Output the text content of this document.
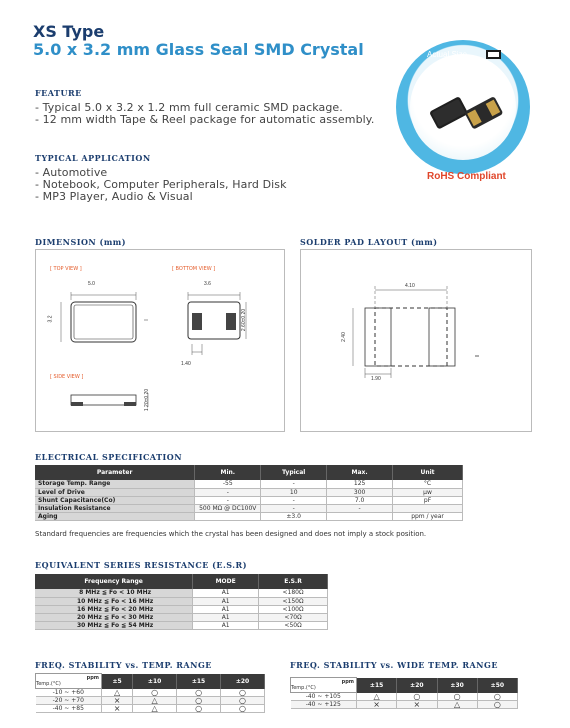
XS Type
5.0 x 3.2 mm Glass Seal SMD Crystal
FEATURE
- Typical 5.0 x 3.2 x 1.2 mm full ceramic SMD package.
- 12 mm width Tape & Reel package for automatic assembly.
TYPICAL APPLICATION
- Automotive
- Notebook, Computer Peripherals, Hard Disk
- MP3 Player, Audio & Visual
Actual Size
RoHS Compliant
DIMENSION (mm)
[ TOP VIEW ]	[ BOTTOM VIEW ]
[ SIDE VIEW ]
5.0
3.2
3.6
2.60±0.20
1.40
1.20±0.20
SOLDER PAD LAYOUT (mm)
4.10
2.40
1.90
ELECTRICAL SPECIFICATION
Parameter	Min.	Typical	Max.	Unit
Storage Temp. Range	-55	-	125	°C
Level of Drive	-	10	300	μw
Shunt Capacitance(Co)	-	-	7.0	pF
Insulation Resistance	500 MΩ @ DC100V	-	-	
Aging		±3.0		ppm / year
Standard frequencies are frequencies which the crystal has been designed and does not imply a stock position.
EQUIVALENT SERIES RESISTANCE (E.S.R)
Frequency Range	MODE	E.S.R
8 MHz ≦ Fo < 10 MHz	A1	<180Ω
10 MHz ≦ Fo < 16 MHz	A1	<150Ω
16 MHz ≦ Fo < 20 MHz	A1	<100Ω
20 MHz ≦ Fo < 30 MHz	A1	<70Ω
30 MHz ≦ Fo ≦ 54 MHz	A1	<50Ω
FREQ. STABILITY vs. TEMP. RANGE
ppm
Temp.(°C)	±5	±10	±15	±20
-10 ~ +60	△	○	○	○
-20 ~ +70	×	△	○	○
-40 ~ +85	×	△	○	○
FREQ. STABILITY vs. WIDE TEMP. RANGE
ppm
Temp.(°C)	±15	±20	±30	±50
-40 ~ +105	△	○	○	○
-40 ~ +125	×	×	△	○
